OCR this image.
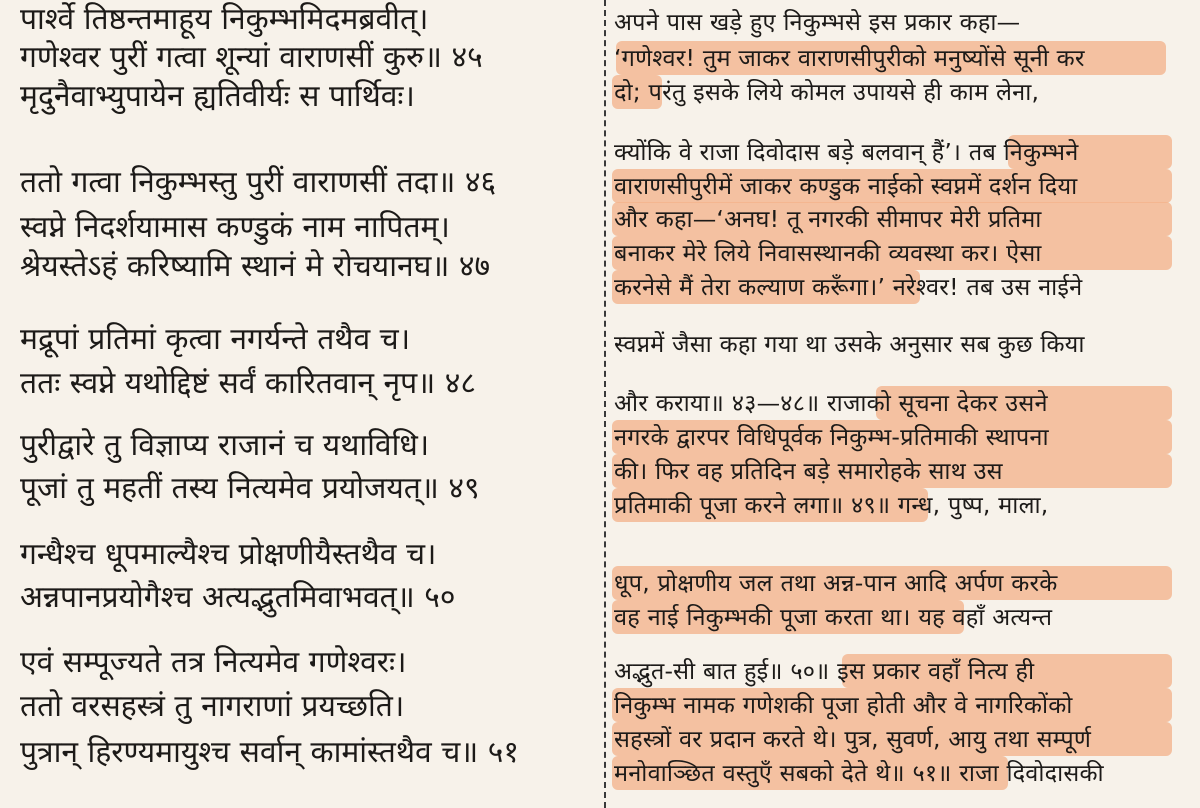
पार्श्वे तिष्ठन्तमाहूय निकुम्भमिदमब्रवीत्।
गणेश्वर पुरीं गत्वा शून्यां वाराणसीं कुरु॥ ४५
मृदुनैवाभ्युपायेन ह्यतिवीर्यः स पार्थिवः।
ततो गत्वा निकुम्भस्तु पुरीं वाराणसीं तदा॥ ४६
स्वप्ने निदर्शयामास कण्डुकं नाम नापितम्।
श्रेयस्तेऽहं करिष्यामि स्थानं मे रोचयानघ॥ ४७
मद्रूपां प्रतिमां कृत्वा नगर्यन्ते तथैव च।
ततः स्वप्ने यथोद्दिष्टं सर्वं कारितवान् नृप॥ ४८
पुरीद्वारे तु विज्ञाप्य राजानं च यथाविधि।
पूजां तु महतीं तस्य नित्यमेव प्रयोजयत्॥ ४९
गन्धैश्च धूपमाल्यैश्च प्रोक्षणीयैस्तथैव च।
अन्नपानप्रयोगैश्च अत्यद्भुतमिवाभवत्॥ ५०
एवं सम्पूज्यते तत्र नित्यमेव गणेश्वरः।
ततो वरसहस्त्रं तु नागराणां प्रयच्छति।
पुत्रान् हिरण्यमायुश्च सर्वान् कामांस्तथैव च॥ ५१
अपने पास खड़े हुए निकुम्भसे इस प्रकार कहा—
‘गणेश्वर! तुम जाकर वाराणसीपुरीको मनुष्योंसे सूनी कर
दो; परंतु इसके लिये कोमल उपायसे ही काम लेना,
क्योंकि वे राजा दिवोदास बड़े बलवान् हैं’। तब निकुम्भने
वाराणसीपुरीमें जाकर कण्डुक नाईको स्वप्नमें दर्शन दिया
और कहा—‘अनघ! तू नगरकी सीमापर मेरी प्रतिमा
बनाकर मेरे लिये निवासस्थानकी व्यवस्था कर। ऐसा
करनेसे मैं तेरा कल्याण करूँगा।’ नरेश्वर! तब उस नाईने
स्वप्नमें जैसा कहा गया था उसके अनुसार सब कुछ किया
और कराया॥ ४३—४८॥ राजाको सूचना देकर उसने
नगरके द्वारपर विधिपूर्वक निकुम्भ-प्रतिमाकी स्थापना
की। फिर वह प्रतिदिन बड़े समारोहके साथ उस
प्रतिमाकी पूजा करने लगा॥ ४९॥ गन्ध, पुष्प, माला,
धूप, प्रोक्षणीय जल तथा अन्न-पान आदि अर्पण करके
वह नाई निकुम्भकी पूजा करता था। यह वहाँ अत्यन्त
अद्भुत-सी बात हुई॥ ५०॥ इस प्रकार वहाँ नित्य ही
निकुम्भ नामक गणेशकी पूजा होती और वे नागरिकोंको
सहस्त्रों वर प्रदान करते थे। पुत्र, सुवर्ण, आयु तथा सम्पूर्ण
मनोवाञ्छित वस्तुएँ सबको देते थे॥ ५१॥ राजा दिवोदासकी
